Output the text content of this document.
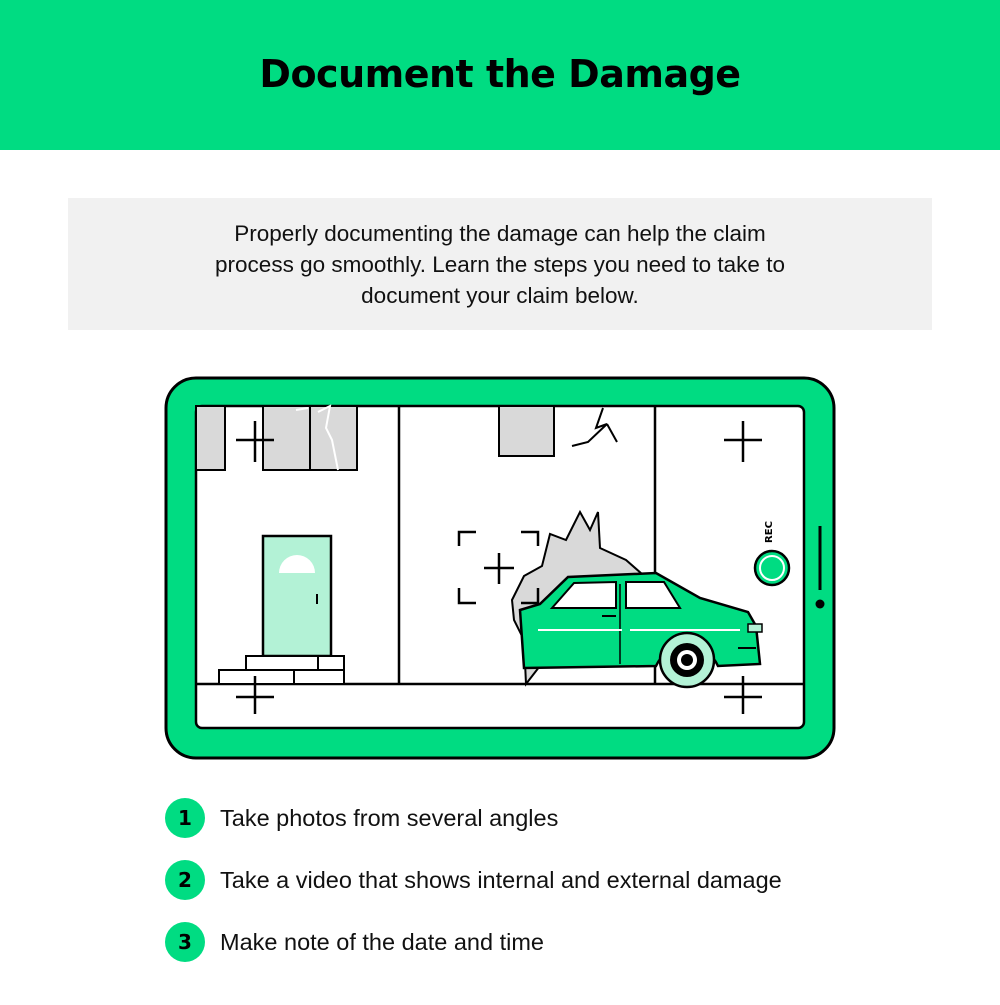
Document the Damage

Properly documenting the damage can help the claim process go smoothly. Learn the steps you need to take to document your claim below.

REC
1	Take photos from several angles
2	Take a video that shows internal and external damage
3	Make note of the date and time
